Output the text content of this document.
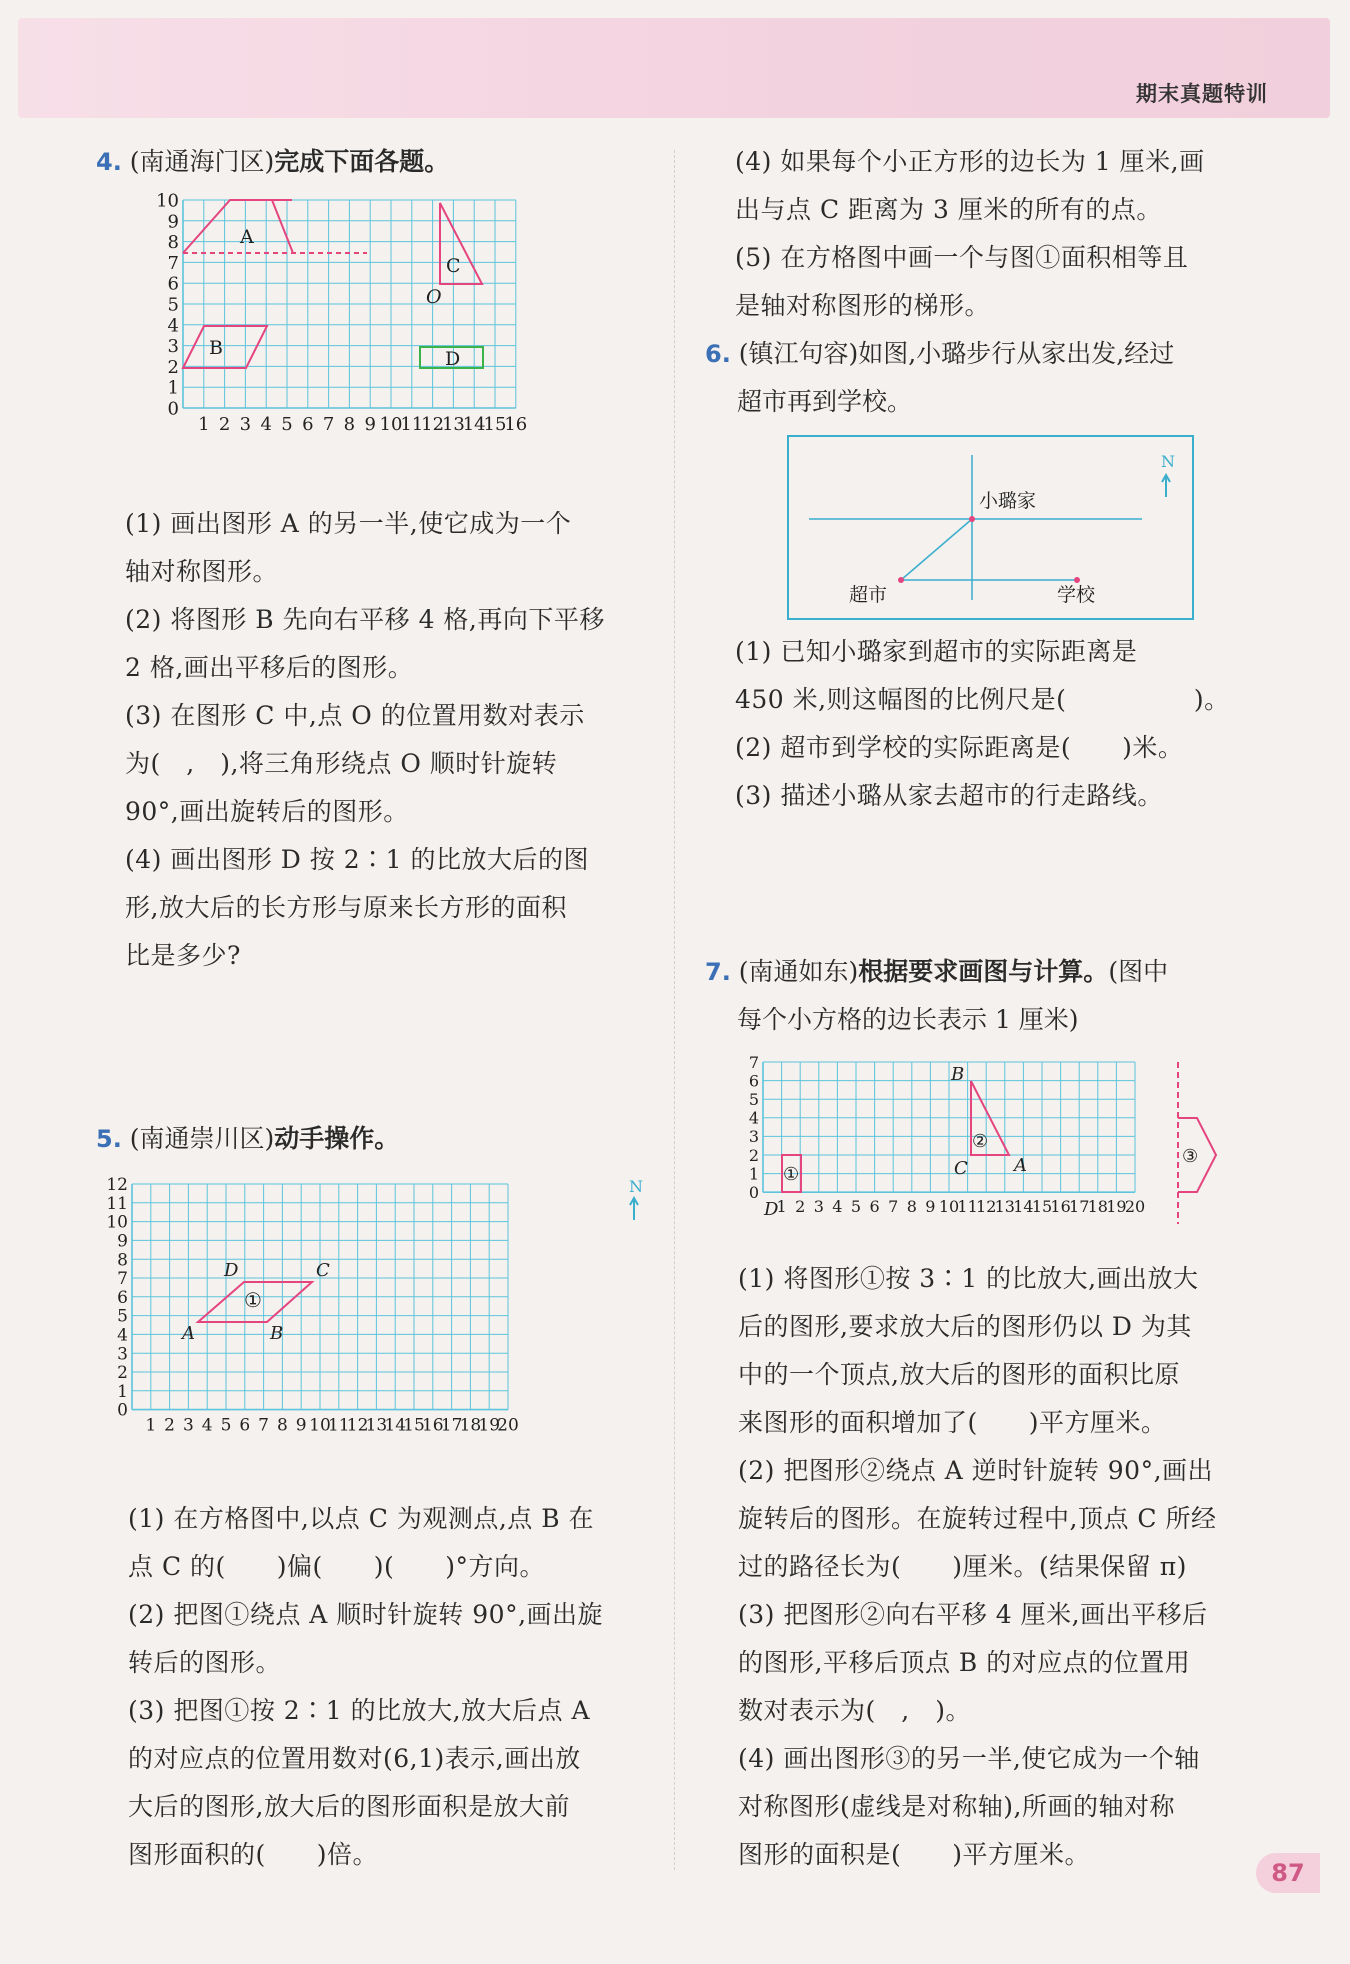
期末真题特训

4. (南通海门区)完成下面各题。

10
9
8
7
6
5
4
3
2
1
0
1 2 3 4 5 6 7 8 9 10
11
12
13
14
15
16
A
C
O
B	D

(1) 画出图形 A 的另一半,使它成为一个

轴对称图形。

(2) 将图形 B 先向右平移 4 格,再向下平移

2 格,画出平移后的图形。

(3) 在图形 C 中,点 O 的位置用数对表示

为(　,　),将三角形绕点 O 顺时针旋转

90°,画出旋转后的图形。

(4) 画出图形 D 按 2∶1 的比放大后的图

形,放大后的长方形与原来长方形的面积

比是多少?

5. (南通崇川区)动手操作。

12
11
10
9
8
7
6
5
4
3
2
1
0
1 2 3 4 5 6 7 8 9 10
11
12
13
14
15
16
17
18
19
20
①
A	B
C
D
N

(1) 在方格图中,以点 C 为观测点,点 B 在

点 C 的(　　)偏(　　)(　　)°方向。

(2) 把图①绕点 A 顺时针旋转 90°,画出旋

转后的图形。

(3) 把图①按 2∶1 的比放大,放大后点 A

的对应点的位置用数对(6,1)表示,画出放

大后的图形,放大后的图形面积是放大前

图形面积的(　　)倍。

(4) 如果每个小正方形的边长为 1 厘米,画

出与点 C 距离为 3 厘米的所有的点。

(5) 在方格图中画一个与图①面积相等且

是轴对称图形的梯形。

6. (镇江句容)如图,小璐步行从家出发,经过

超市再到学校。

小璐家
超市	学校
N

(1) 已知小璐家到超市的实际距离是

450 米,则这幅图的比例尺是(　　　　　)。

(2) 超市到学校的实际距离是(　　)米。

(3) 描述小璐从家去超市的行走路线。

7. (南通如东)根据要求画图与计算。(图中

每个小方格的边长表示 1 厘米)

7
6
5
4
3
2
1
0
1 2 3 4 5 6 7 8 9 10
11
12
13
14
15
16
17
18
19
20
①
D
②
B
C	A	③

(1) 将图形①按 3∶1 的比放大,画出放大

后的图形,要求放大后的图形仍以 D 为其

中的一个顶点,放大后的图形的面积比原

来图形的面积增加了(　　)平方厘米。

(2) 把图形②绕点 A 逆时针旋转 90°,画出

旋转后的图形。在旋转过程中,顶点 C 所经

过的路径长为(　　)厘米。(结果保留 π)

(3) 把图形②向右平移 4 厘米,画出平移后

的图形,平移后顶点 B 的对应点的位置用

数对表示为(　,　)。

(4) 画出图形③的另一半,使它成为一个轴

对称图形(虚线是对称轴),所画的轴对称

图形的面积是(　　)平方厘米。

87
